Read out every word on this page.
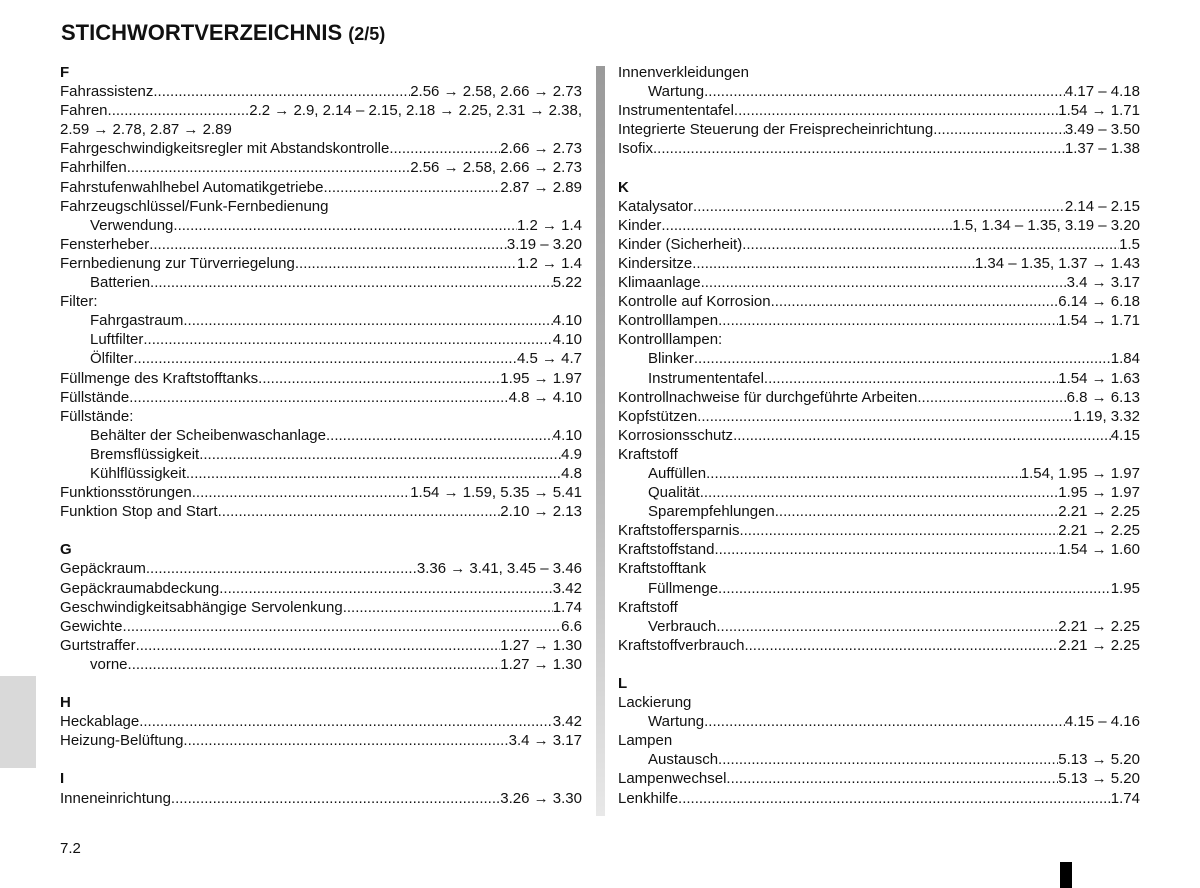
STICHWORTVERZEICHNIS (2/5)
F
Fahrassistenz .....	2.56 → 2.58, 2.66 → 2.73
Fahren .....	2.2 → 2.9, 2.14 – 2.15, 2.18 → 2.25, 2.31 → 2.38,
2.59 → 2.78, 2.87 → 2.89
Fahrgeschwindigkeitsregler mit Abstandskontrolle .....	2.66 → 2.73
Fahrhilfen .....	2.56 → 2.58, 2.66 → 2.73
Fahrstufenwahlhebel Automatikgetriebe .....	2.87 → 2.89
Fahrzeugschlüssel/Funk-Fernbedienung
Verwendung .....	1.2 → 1.4
Fensterheber .....	3.19 – 3.20
Fernbedienung zur Türverriegelung .....	1.2 → 1.4
Batterien .....	5.22
Filter:
Fahrgastraum .....	4.10
Luftfilter .....	4.10
Ölfilter .....	4.5 → 4.7
Füllmenge des Kraftstofftanks .....	1.95 → 1.97
Füllstände .....	4.8 → 4.10
Füllstände:
Behälter der Scheibenwaschanlage .....	4.10
Bremsflüssigkeit .....	4.9
Kühlflüssigkeit .....	4.8
Funktionsstörungen .....	1.54 → 1.59, 5.35 → 5.41
Funktion Stop and Start .....	2.10 → 2.13
G
Gepäckraum .....	3.36 → 3.41, 3.45 – 3.46
Gepäckraumabdeckung .....	3.42
Geschwindigkeitsabhängige Servolenkung .....	1.74
Gewichte .....	6.6
Gurtstraffer .....	1.27 → 1.30
vorne .....	1.27 → 1.30
H
Heckablage .....	3.42
Heizung-Belüftung .....	3.4 → 3.17
I
Inneneinrichtung .....	3.26 → 3.30
Innenverkleidungen
Wartung .....	4.17 – 4.18
Instrumententafel .....	1.54 → 1.71
Integrierte Steuerung der Freisprecheinrichtung .....	3.49 – 3.50
Isofix .....	1.37 – 1.38
K
Katalysator .....	2.14 – 2.15
Kinder .....	1.5, 1.34 – 1.35, 3.19 – 3.20
Kinder (Sicherheit) .....	1.5
Kindersitze .....	1.34 – 1.35, 1.37 → 1.43
Klimaanlage .....	3.4 → 3.17
Kontrolle auf Korrosion .....	6.14 → 6.18
Kontrolllampen .....	1.54 → 1.71
Kontrolllampen:
Blinker .....	1.84
Instrumententafel .....	1.54 → 1.63
Kontrollnachweise für durchgeführte Arbeiten .....	6.8 → 6.13
Kopfstützen .....	1.19, 3.32
Korrosionsschutz .....	4.15
Kraftstoff
Auffüllen .....	1.54, 1.95 → 1.97
Qualität .....	1.95 → 1.97
Sparempfehlungen .....	2.21 → 2.25
Kraftstoffersparnis .....	2.21 → 2.25
Kraftstoffstand .....	1.54 → 1.60
Kraftstofftank
Füllmenge .....	1.95
Kraftstoff
Verbrauch .....	2.21 → 2.25
Kraftstoffverbrauch .....	2.21 → 2.25
L
Lackierung
Wartung .....	4.15 – 4.16
Lampen
Austausch .....	5.13 → 5.20
Lampenwechsel .....	5.13 → 5.20
Lenkhilfe .....	1.74
7.2
